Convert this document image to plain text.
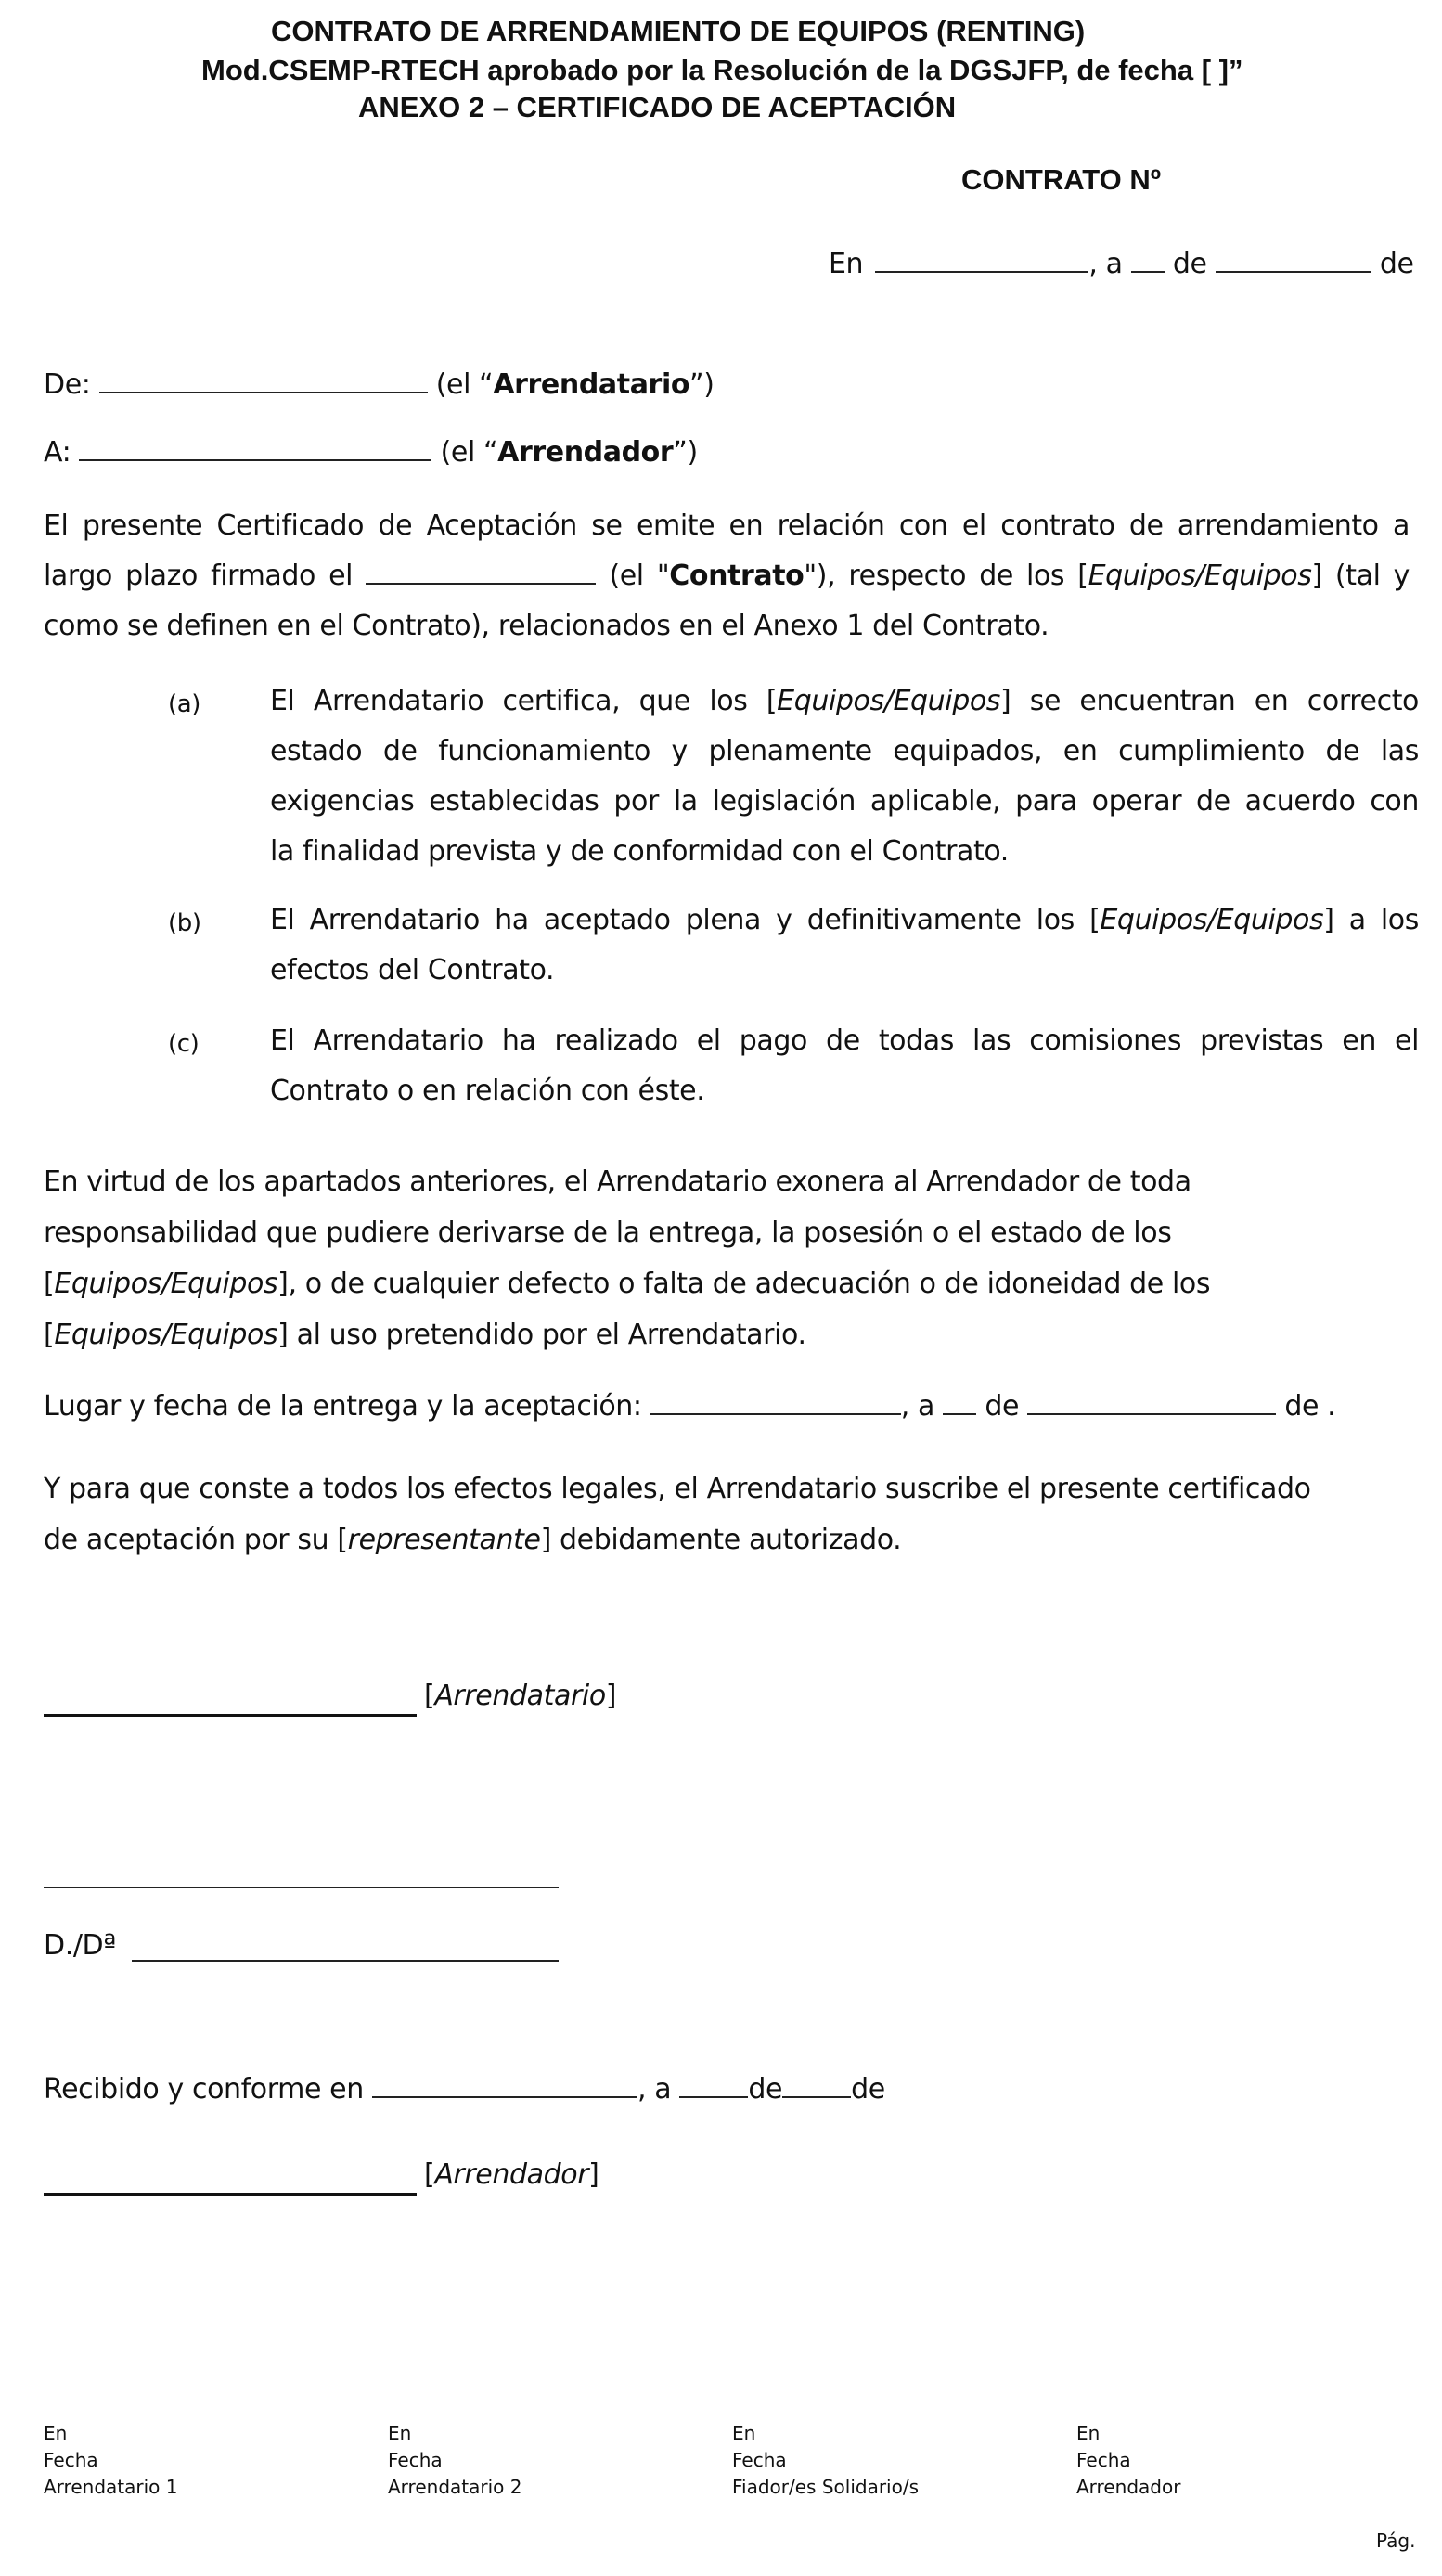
CONTRATO DE ARRENDAMIENTO DE EQUIPOS (RENTING)
Mod.CSEMP-RTECH aprobado por la Resolución de la DGSJFP, de fecha [ ]”
ANEXO 2 – CERTIFICADO DE ACEPTACIÓN
CONTRATO Nº
En	, a de	de
De:	(el “Arrendatario”)
A:	(el “Arrendador”)
El presente Certificado de Aceptación se emite en relación con el contrato de arrendamiento a
largo plazo firmado el	(el "Contrato"), respecto de los [Equipos/Equipos] (tal y
como se definen en el Contrato), relacionados en el Anexo 1 del Contrato.
(a) El Arrendatario certifica, que los [Equipos/Equipos] se encuentran en correcto
estado de funcionamiento y plenamente equipados, en cumplimiento de las
exigencias establecidas por la legislación aplicable, para operar de acuerdo con
la finalidad prevista y de conformidad con el Contrato.
(b) El Arrendatario ha aceptado plena y definitivamente los [Equipos/Equipos] a los
efectos del Contrato.
(c)	El Arrendatario ha realizado el pago de todas las comisiones previstas en el
Contrato o en relación con éste.
En virtud de los apartados anteriores, el Arrendatario exonera al Arrendador de toda
responsabilidad que pudiere derivarse de la entrega, la posesión o el estado de los
[Equipos/Equipos], o de cualquier defecto o falta de adecuación o de idoneidad de los
[Equipos/Equipos] al uso pretendido por el Arrendatario.
Lugar y fecha de la entrega y la aceptación:	, a de	de .
Y para que conste a todos los efectos legales, el Arrendatario suscribe el presente certificado
de aceptación por su [representante] debidamente autorizado.
[Arrendatario]
D./Dª
Recibido y conforme en	, a	de de
[Arrendador]
En
Fecha
Arrendatario 1
En
Fecha
Arrendatario 2
En
Fecha
Fiador/es Solidario/s
En
Fecha
Arrendador
Pág.
